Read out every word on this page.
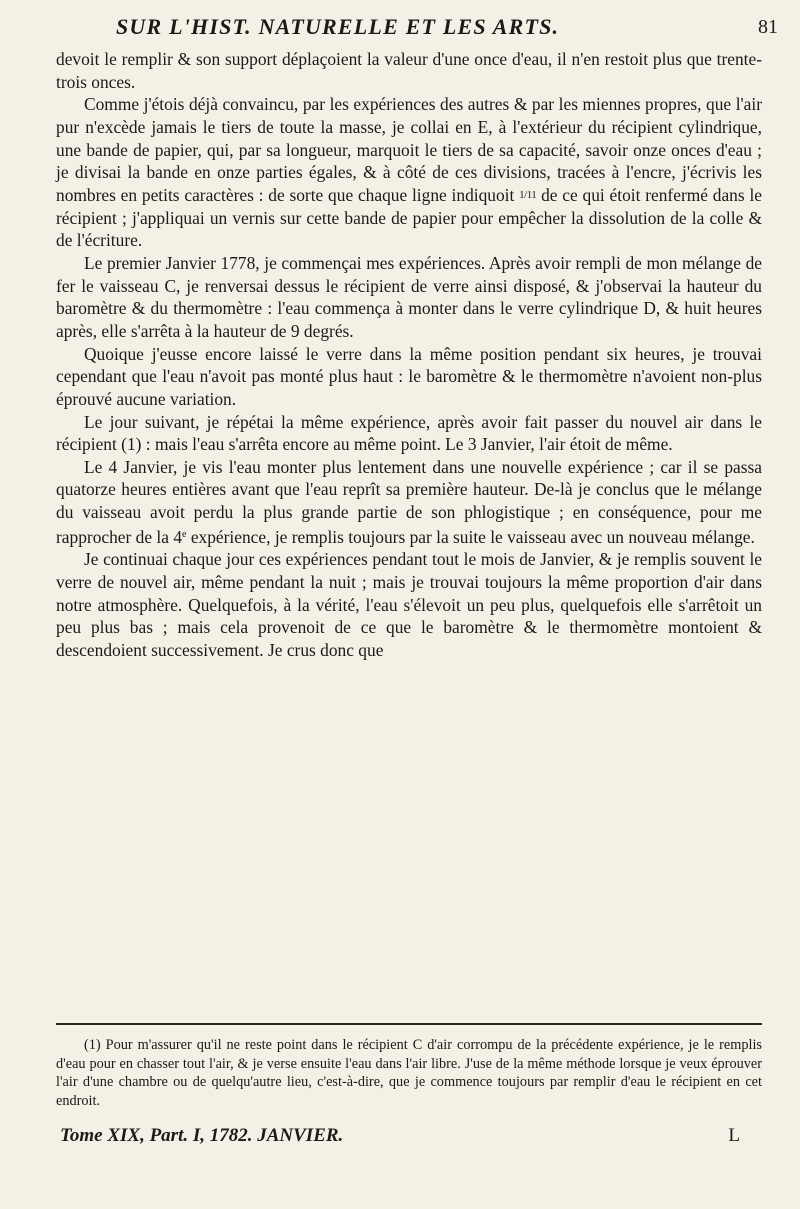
SUR L'HIST. NATURELLE ET LES ARTS.	81

devoit le remplir & son support déplaçoient la valeur d'une once d'eau, il n'en restoit plus que trente-trois onces.

Comme j'étois déjà convaincu, par les expériences des autres & par les miennes propres, que l'air pur n'excède jamais le tiers de toute la masse, je collai en E, à l'extérieur du récipient cylindrique, une bande de papier, qui, par sa longueur, marquoit le tiers de sa capacité, savoir onze onces d'eau ; je divisai la bande en onze parties égales, & à côté de ces divisions, tracées à l'encre, j'écrivis les nombres en petits caractères : de sorte que chaque ligne indiquoit 1/11 de ce qui étoit renfermé dans le récipient ; j'appliquai un vernis sur cette bande de papier pour empêcher la dissolution de la colle & de l'écriture.

Le premier Janvier 1778, je commençai mes expériences. Après avoir rempli de mon mélange de fer le vaisseau C, je renversai dessus le récipient de verre ainsi disposé, & j'observai la hauteur du baromètre & du thermomètre : l'eau commença à monter dans le verre cylindrique D, & huit heures après, elle s'arrêta à la hauteur de 9 degrés.

Quoique j'eusse encore laissé le verre dans la même position pendant six heures, je trouvai cependant que l'eau n'avoit pas monté plus haut : le baromètre & le thermomètre n'avoient non-plus éprouvé aucune variation.

Le jour suivant, je répétai la même expérience, après avoir fait passer du nouvel air dans le récipient (1) : mais l'eau s'arrêta encore au même point. Le 3 Janvier, l'air étoit de même.

Le 4 Janvier, je vis l'eau monter plus lentement dans une nouvelle expérience ; car il se passa quatorze heures entières avant que l'eau reprît sa première hauteur. De-là je conclus que le mélange du vaisseau avoit perdu la plus grande partie de son phlogistique ; en conséquence, pour me rapprocher de la 4e expérience, je remplis toujours par la suite le vaisseau avec un nouveau mélange.

Je continuai chaque jour ces expériences pendant tout le mois de Janvier, & je remplis souvent le verre de nouvel air, même pendant la nuit ; mais je trouvai toujours la même proportion d'air dans notre atmosphère. Quelquefois, à la vérité, l'eau s'élevoit un peu plus, quelquefois elle s'arrêtoit un peu plus bas ; mais cela provenoit de ce que le baromètre & le thermomètre montoient & descendoient successivement. Je crus donc que

(1) Pour m'assurer qu'il ne reste point dans le récipient C d'air corrompu de la précédente expérience, je le remplis d'eau pour en chasser tout l'air, & je verse ensuite l'eau dans l'air libre. J'use de la même méthode lorsque je veux éprouver l'air d'une chambre ou de quelqu'autre lieu, c'est-à-dire, que je commence toujours par remplir d'eau le récipient en cet endroit.

Tome XIX, Part. I, 1782. JANVIER.	L
